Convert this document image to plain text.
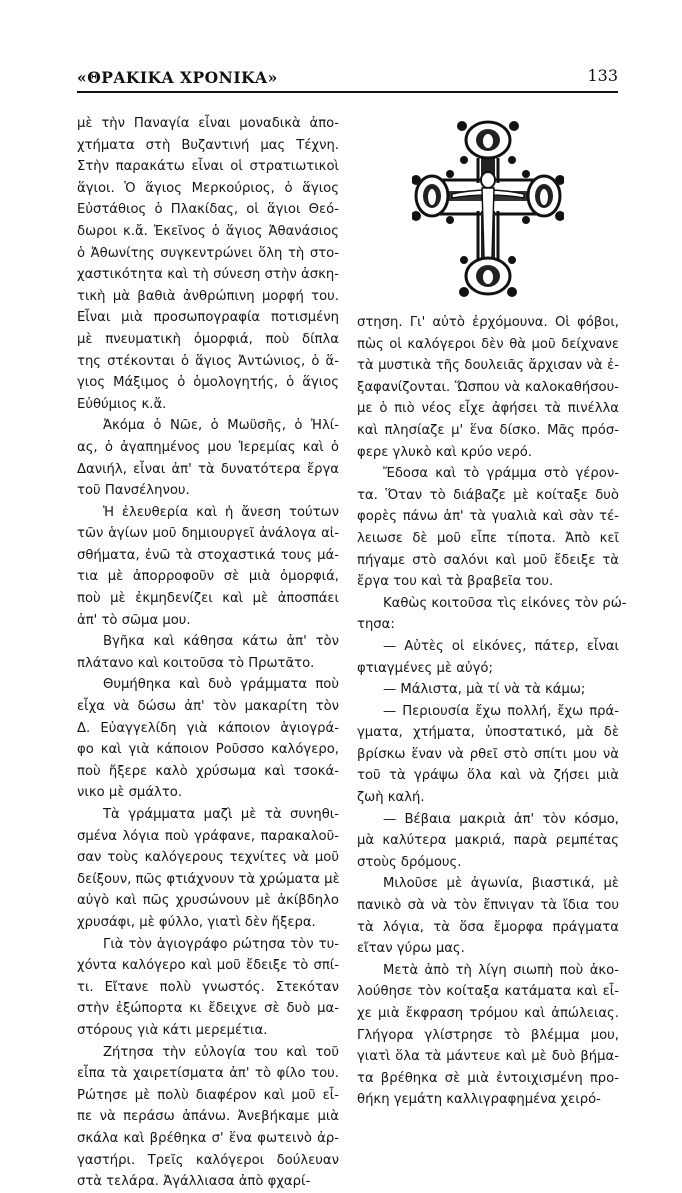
«ΘΡΑΚΙΚΑ ΧΡΟΝΙΚΑ»	133
μὲ τὴν Παναγία εἶναι μοναδικὰ ἀπο-
χτήματα στὴ Βυζαντινή μας Τέχνη.
Στὴν παρακάτω εἶναι οἱ στρατιωτικοὶ
ἅγιοι. Ὁ ἅγιος Μερκούριος, ὁ ἅγιος
Εὐστάθιος ὁ Πλακίδας, οἱ ἅγιοι Θεό-
δωροι κ.ἄ. Ἐκεῖνος ὁ ἅγιος Ἀθανάσιος
ὁ Ἀθωνίτης συγκεντρώνει ὅλη τὴ στο-
χαστικότητα καὶ τὴ σύνεση στὴν ἀσκη-
τικὴ μὰ βαθιὰ ἀνθρώπινη μορφή του.
Εἶναι μιὰ προσωπογραφία ποτισμένη
μὲ πνευματικὴ ὀμορφιά, ποὺ δίπλα
της στέκονται ὁ ἅγιος Ἀντώνιος, ὁ ἅ-
γιος Μάξιμος ὁ ὁμολογητής, ὁ ἅγιος
Εὐθύμιος κ.ἄ.
Ἀκόμα ὁ Νῶε, ὁ Μωϋσῆς, ὁ Ἠλί-
ας, ὁ ἀγαπημένος μου Ἱερεμίας καὶ ὁ
Δανιήλ, εἶναι ἀπ' τὰ δυνατότερα ἔργα
τοῦ Πανσέληνου.
Ἡ ἐλευθερία καὶ ἡ ἄνεση τούτων
τῶν ἁγίων μοῦ δημιουργεῖ ἀνάλογα αἰ-
σθήματα, ἐνῶ τὰ στοχαστικά τους μά-
τια μὲ ἀπορροφοῦν σὲ μιὰ ὀμορφιά,
ποὺ μὲ ἐκμηδενίζει καὶ μὲ ἀποσπάει
ἀπ' τὸ σῶμα μου.
Βγῆκα καὶ κάθησα κάτω ἀπ' τὸν
πλάτανο καὶ κοιτοῦσα τὸ Πρωτᾶτο.
Θυμήθηκα καὶ δυὸ γράμματα ποὺ
εἶχα νὰ δώσω ἀπ' τὸν μακαρίτη τὸν
Δ. Εὐαγγελίδη γιὰ κάποιον ἁγιογρά-
φο καὶ γιὰ κάποιον Ροῦσσο καλόγερο,
ποὺ ἤξερε καλὸ χρύσωμα καὶ τσοκά-
νικο μὲ σμάλτο.
Τὰ γράμματα μαζὶ μὲ τὰ συνηθι-
σμένα λόγια ποὺ γράφανε, παρακαλοῦ-
σαν τοὺς καλόγερους τεχνίτες νὰ μοῦ
δείξουν, πῶς φτιάχνουν τὰ χρώματα μὲ
αὐγὸ καὶ πῶς χρυσώνουν μὲ ἀκίβδηλο
χρυσάφι, μὲ φύλλο, γιατὶ δὲν ἤξερα.
Γιὰ τὸν ἁγιογράφο ρώτησα τὸν τυ-
χόντα καλόγερο καὶ μοῦ ἔδειξε τὸ σπί-
τι. Εἴτανε πολὺ γνωστός. Στεκόταν
στὴν ἐξώπορτα κι ἔδειχνε σὲ δυὸ μα-
στόρους γιὰ κάτι μερεμέτια.
Ζήτησα τὴν εὐλογία του καὶ τοῦ
εἶπα τὰ χαιρετίσματα ἀπ' τὸ φίλο του.
Ρώτησε μὲ πολὺ διαφέρον καὶ μοῦ εἶ-
πε νὰ περάσω ἀπάνω. Ἀνεβήκαμε μιὰ
σκάλα καὶ βρέθηκα σ' ἕνα φωτεινὸ ἀρ-
γαστήρι. Τρεῖς καλόγεροι δούλευαν
στὰ τελάρα. Ἀγάλλιασα ἀπὸ φχαρί-
στηση. Γι' αὐτὸ ἐρχόμουνα. Οἱ φόβοι,
πὼς οἱ καλόγεροι δὲν θὰ μοῦ δείχνανε
τὰ μυστικὰ τῆς δουλειᾶς ἄρχισαν νὰ ἐ-
ξαφανίζονται. Ὥσπου νὰ καλοκαθήσου-
με ὁ πιὸ νέος εἶχε ἀφήσει τὰ πινέλλα
καὶ πλησίαζε μ' ἕνα δίσκο. Μᾶς πρόσ-
φερε γλυκὸ καὶ κρύο νερό.
Ἔδοσα καὶ τὸ γράμμα στὸ γέρον-
τα. Ὅταν τὸ διάβαζε μὲ κοίταξε δυὸ
φορὲς πάνω ἀπ' τὰ γυαλιὰ καὶ σὰν τέ-
λειωσε δὲ μοῦ εἶπε τίποτα. Ἀπὸ κεῖ
πήγαμε στὸ σαλόνι καὶ μοῦ ἔδειξε τὰ
ἔργα του καὶ τὰ βραβεῖα του.
Καθὼς κοιτοῦσα τὶς εἰκόνες τὸν ρώ-
τησα:
— Αὐτὲς οἱ εἰκόνες, πάτερ, εἶναι
φτιαγμένες μὲ αὐγό;
— Μάλιστα, μὰ τί νὰ τὰ κάμω;
— Περιουσία ἔχω πολλή, ἔχω πρά-
γματα, χτήματα, ὑποστατικό, μὰ δὲ
βρίσκω ἕναν νὰ ρθεῖ στὸ σπίτι μου νὰ
τοῦ τὰ γράψω ὅλα καὶ νὰ ζήσει μιὰ
ζωὴ καλή.
— Βέβαια μακριὰ ἀπ' τὸν κόσμο,
μὰ καλύτερα μακριά, παρὰ ρεμπέτας
στοὺς δρόμους.
Μιλοῦσε μὲ ἀγωνία, βιαστικά, μὲ
πανικὸ σὰ νὰ τὸν ἔπνιγαν τὰ ἴδια του
τὰ λόγια, τὰ ὅσα ἔμορφα πράγματα
εἴταν γύρω μας.
Μετὰ ἀπὸ τὴ λίγη σιωπὴ ποὺ ἀκο-
λούθησε τὸν κοίταξα κατάματα καὶ εἶ-
χε μιὰ ἔκφραση τρόμου καὶ ἀπώλειας.
Γλήγορα γλίστρησε τὸ βλέμμα μου,
γιατὶ ὅλα τὰ μάντευε καὶ μὲ δυὸ βήμα-
τα βρέθηκα σὲ μιὰ ἐντοιχισμένη προ-
θήκη γεμάτη καλλιγραφημένα χειρό-
